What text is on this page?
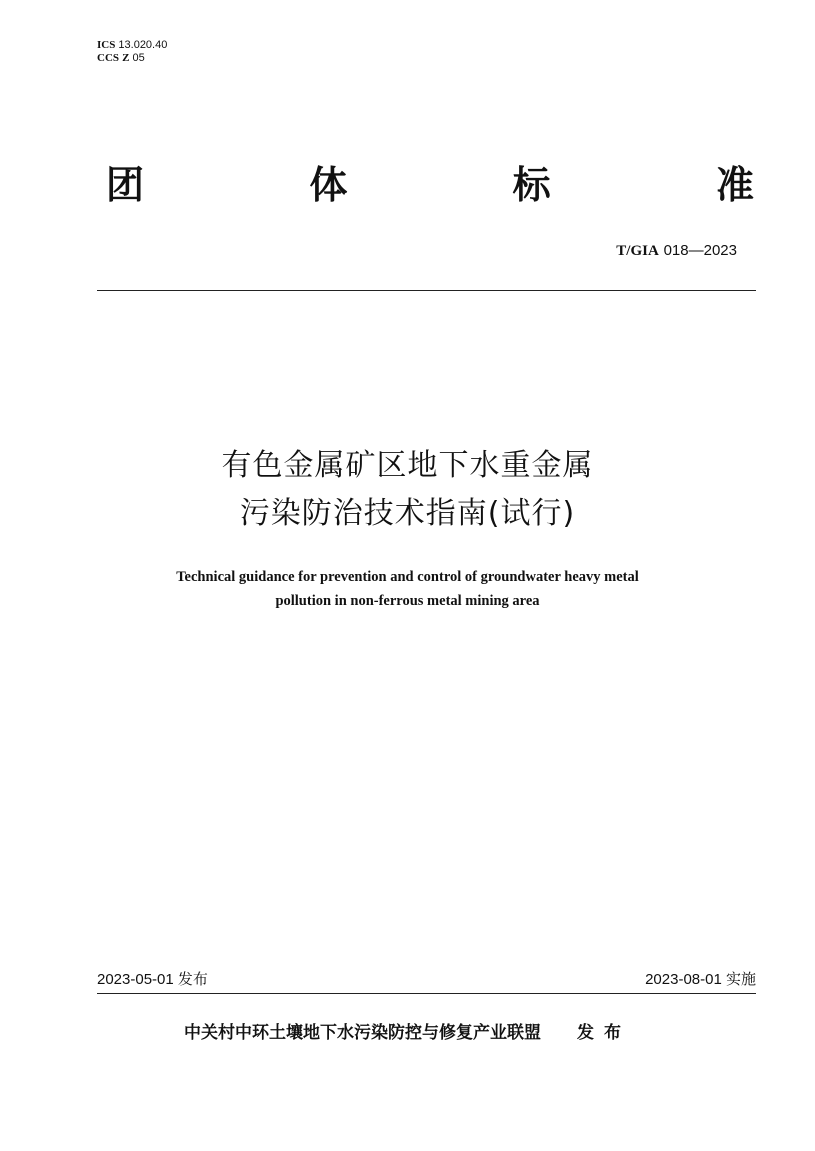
ICS 13.020.40
CCS Z 05
团	体	标	准
T/GIA 018—2023
有色金属矿区地下水重金属
污染防治技术指南(试行)
Technical guidance for prevention and control of groundwater heavy metal
pollution in non-ferrous metal mining area
2023-05-01 发布	2023-08-01 实施
中关村中环土壤地下水污染防控与修复产业联盟 发布
